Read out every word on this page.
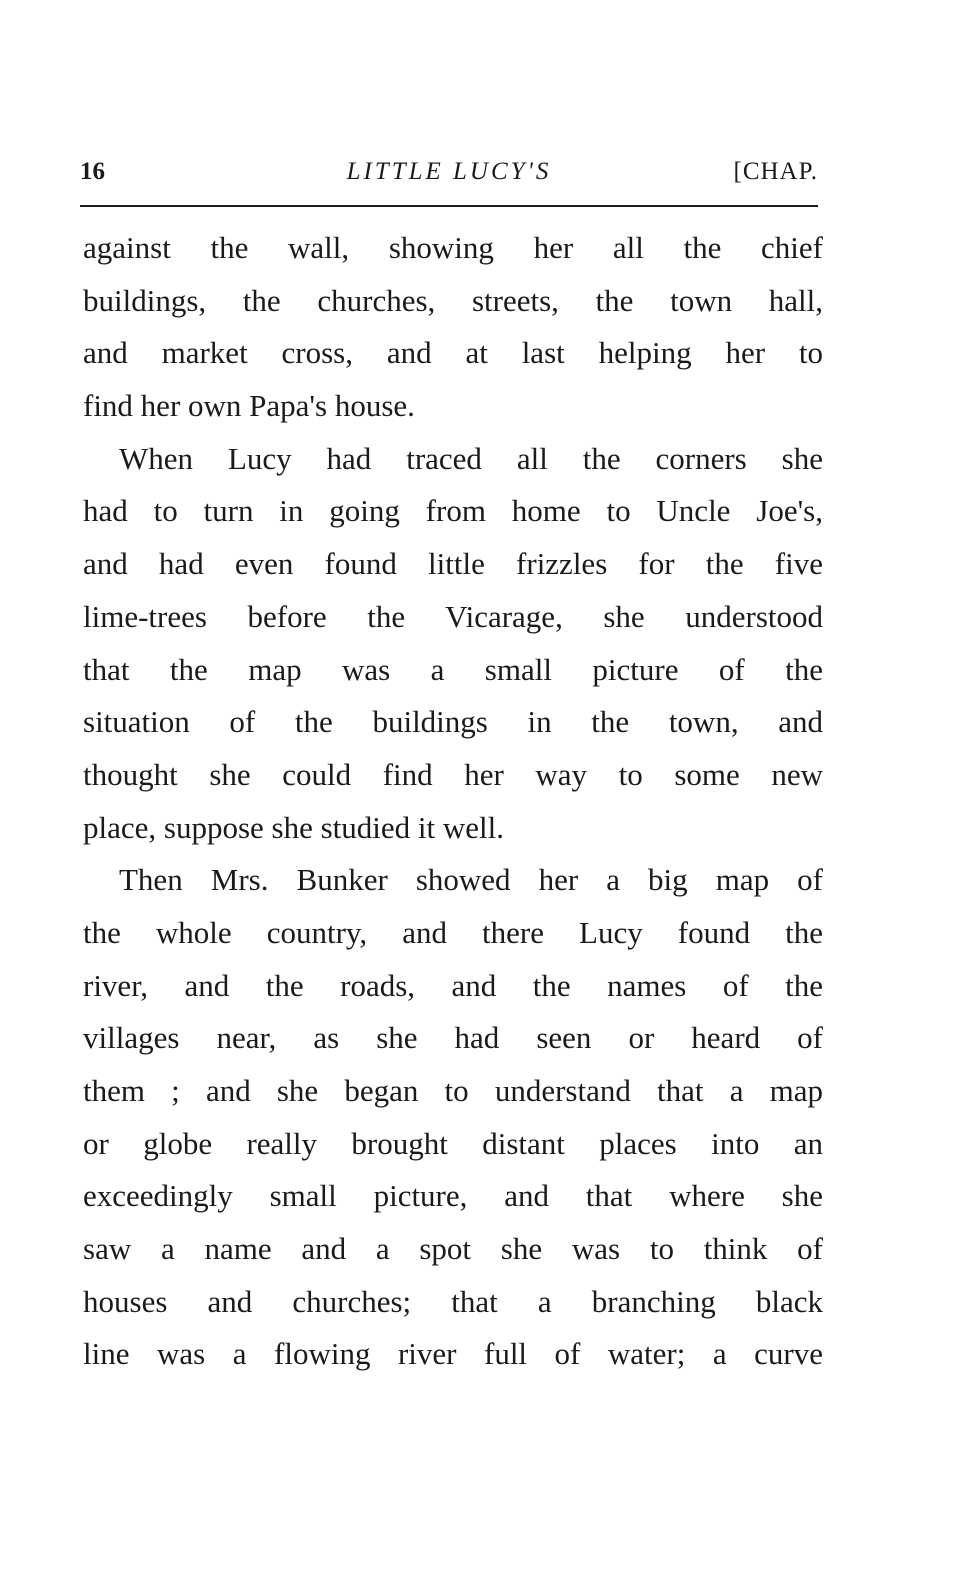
16	LITTLE LUCY'S	[CHAP.
against the wall, showing her all the chief
buildings, the churches, streets, the town hall,
and market cross, and at last helping her to
find her own Papa's house.
When Lucy had traced all the corners she
had to turn in going from home to Uncle Joe's,
and had even found little frizzles for the five
lime-trees before the Vicarage, she understood
that the map was a small picture of the
situation of the buildings in the town, and
thought she could find her way to some new
place, suppose she studied it well.
Then Mrs. Bunker showed her a big map of
the whole country, and there Lucy found the
river, and the roads, and the names of the
villages near, as she had seen or heard of
them ; and she began to understand that a map
or globe really brought distant places into an
exceedingly small picture, and that where she
saw a name and a spot she was to think of
houses and churches; that a branching black
line was a flowing river full of water; a curve
